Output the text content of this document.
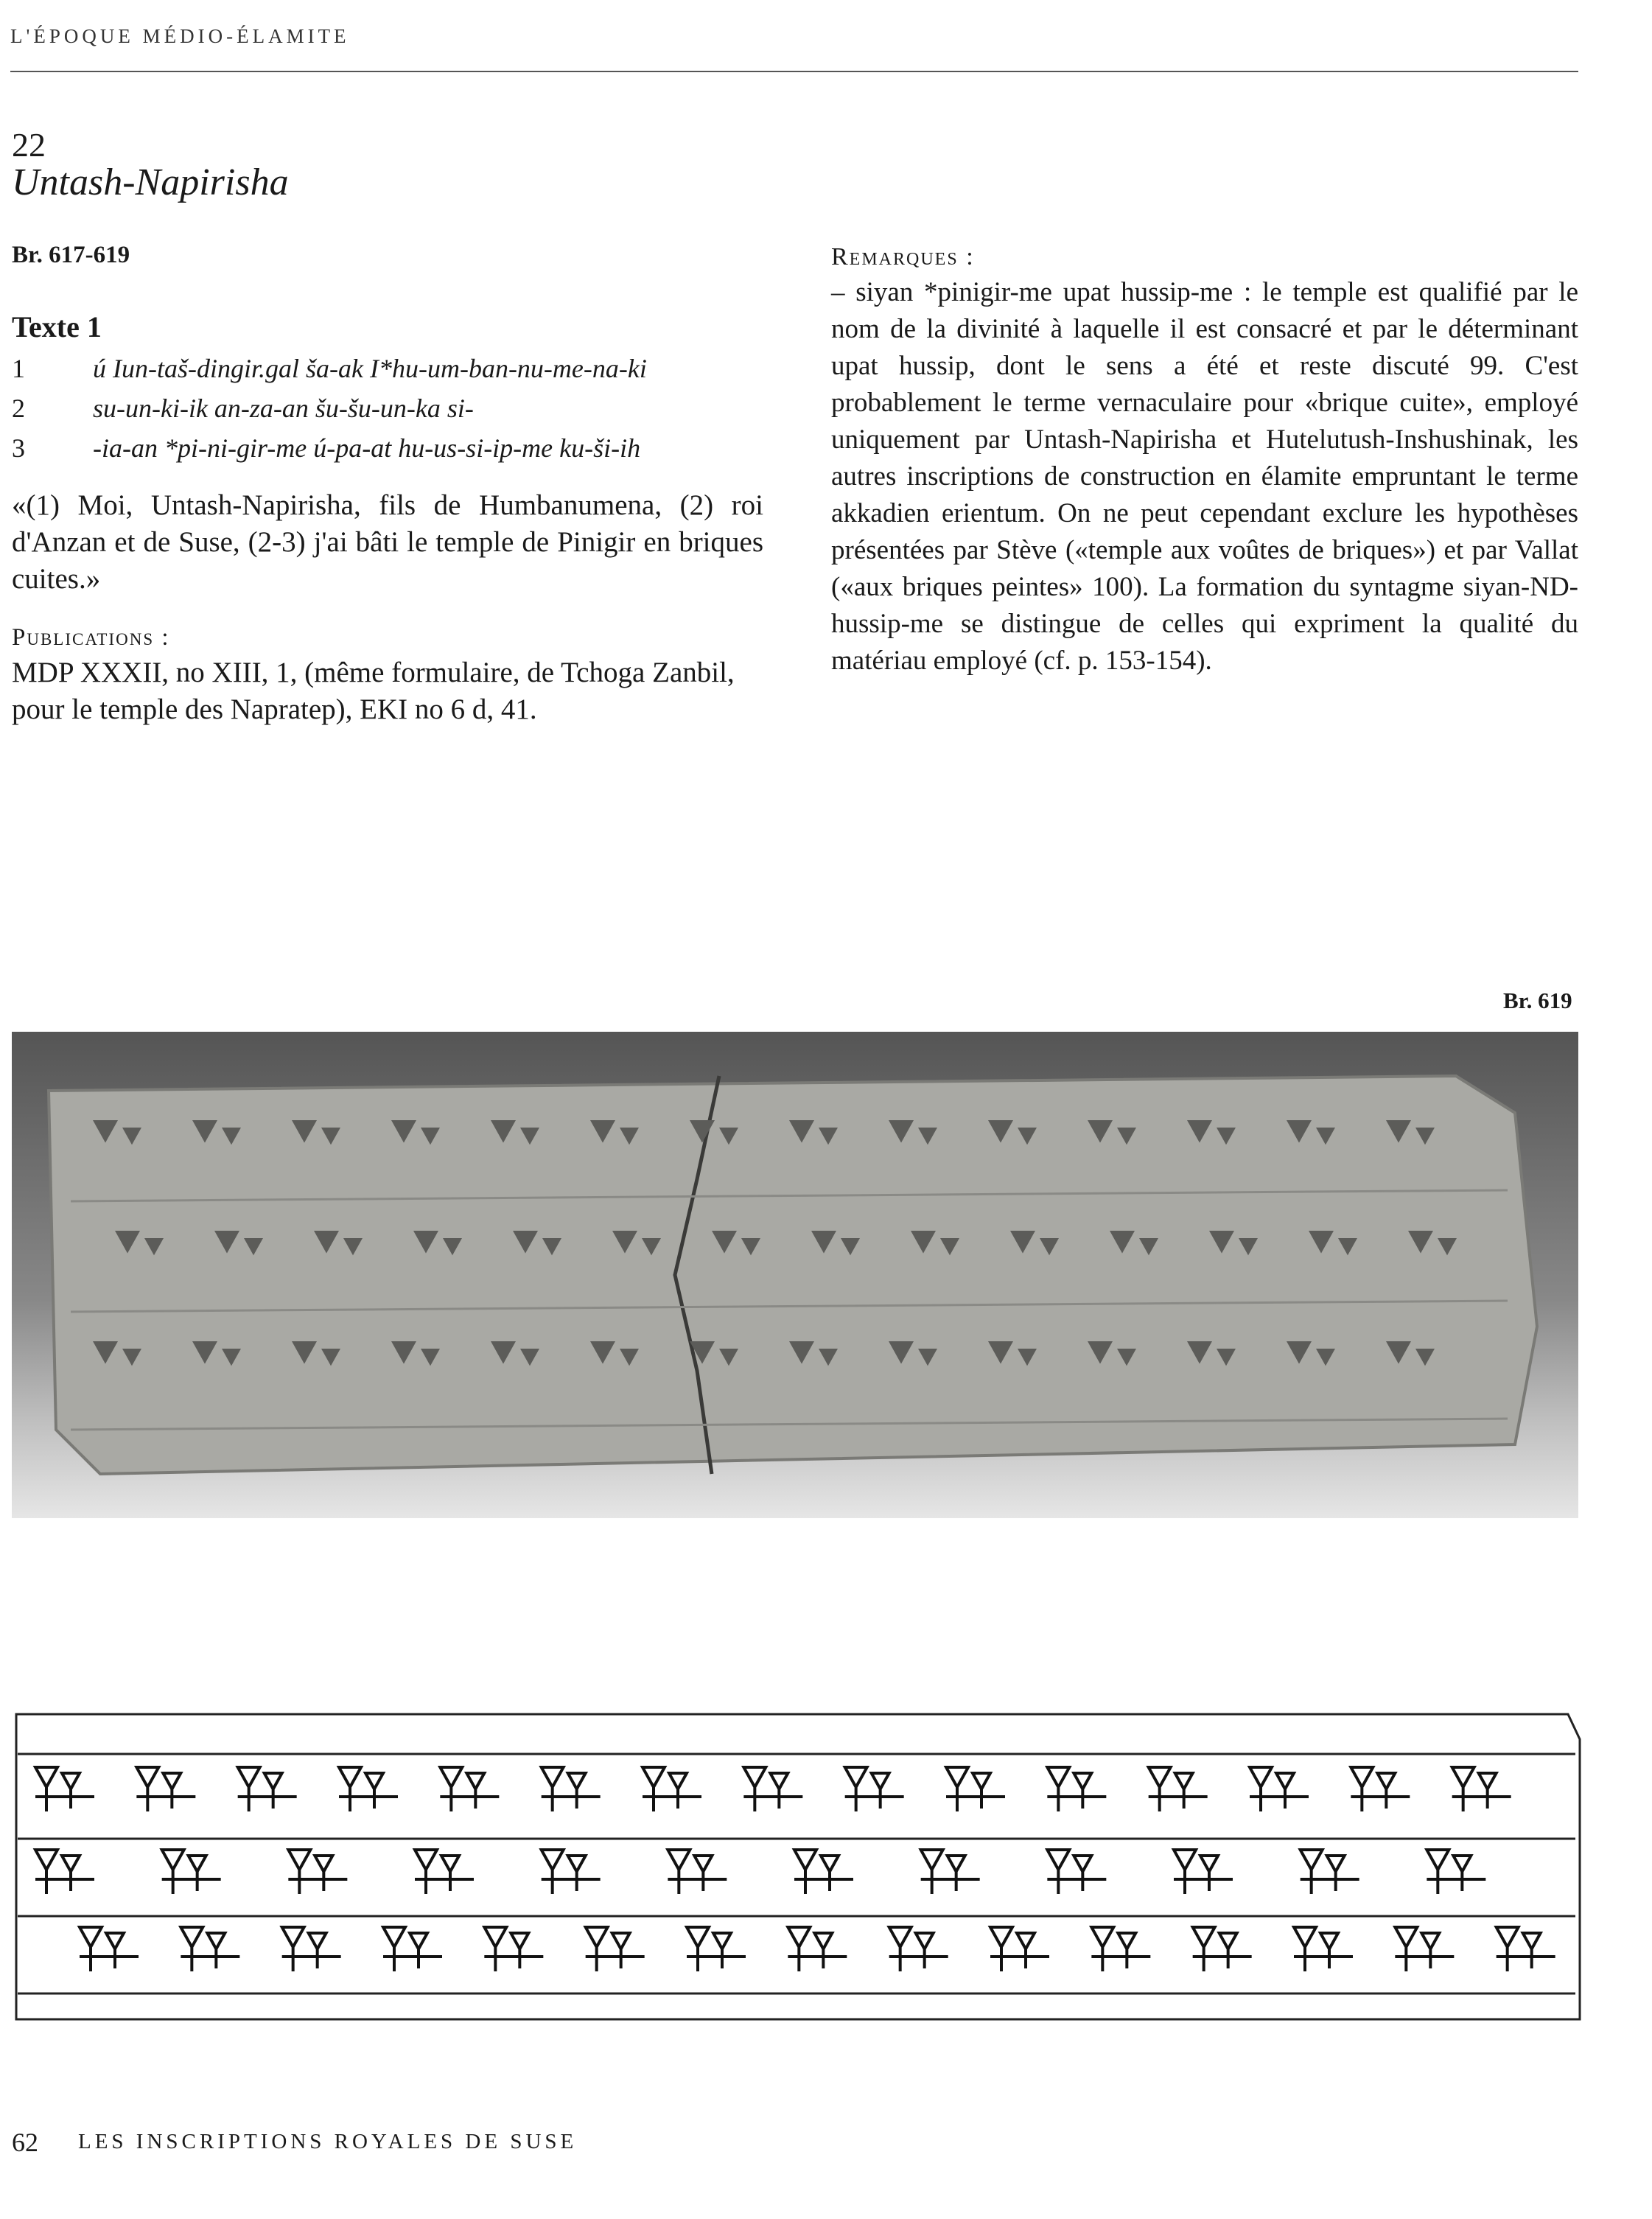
L'ÉPOQUE MÉDIO-ÉLAMITE
22
Untash-Napirisha
Br. 617-619
Texte 1
1	ú Iun-taš-dingir.gal ša-ak I*hu-um-ban-nu-me-na-ki
2	su-un-ki-ik an-za-an šu-šu-un-ka si-
3	-ia-an *pi-ni-gir-me ú-pa-at hu-us-si-ip-me ku-ši-ih
«(1) Moi, Untash-Napirisha, fils de Humbanumena, (2) roi d'Anzan et de Suse, (2-3) j'ai bâti le temple de Pinigir en briques cuites.»
Publications :
MDP XXXII, no XIII, 1, (même formulaire, de Tchoga Zanbil, pour le temple des Napratep), EKI no 6 d, 41.
Remarques :
– siyan *pinigir-me upat hussip-me : le temple est qualifié par le nom de la divinité à laquelle il est consacré et par le déterminant upat hussip, dont le sens a été et reste discuté 99. C'est probablement le terme vernaculaire pour «brique cuite», employé uniquement par Untash-Napirisha et Hutelutush-Inshushinak, les autres inscriptions de construction en élamite empruntant le terme akkadien erientum. On ne peut cependant exclure les hypothèses présentées par Stève («temple aux voûtes de briques») et par Vallat («aux briques peintes» 100). La formation du syntagme siyan-ND-hussip-me se distingue de celles qui expriment la qualité du matériau employé (cf. p. 153-154).
Br. 619
62 LES INSCRIPTIONS ROYALES DE SUSE
